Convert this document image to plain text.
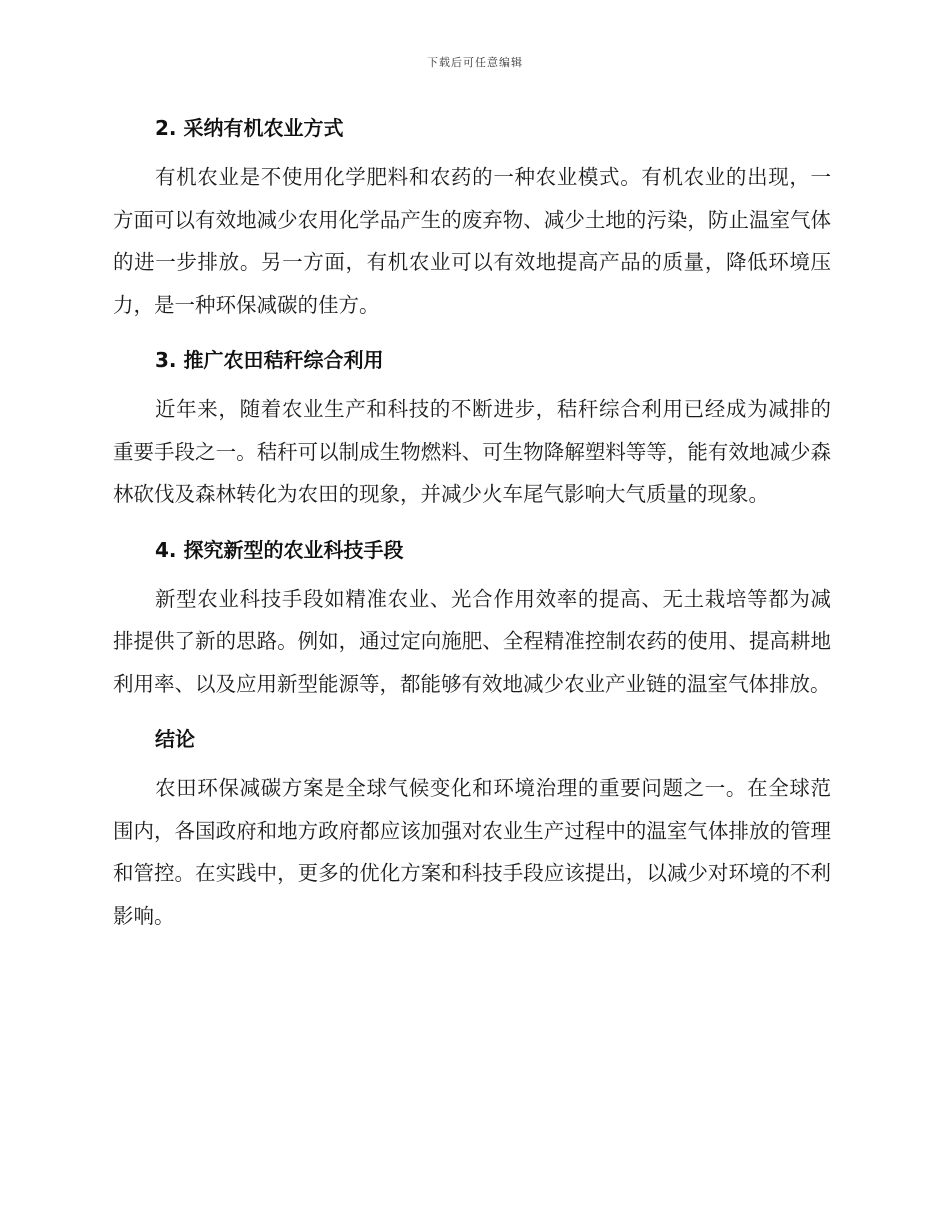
下载后可任意编辑
2. 采纳有机农业方式

有机农业是不使用化学肥料和农药的一种农业模式。有机农业的出现，一方面可以有效地减少农用化学品产生的废弃物、减少土地的污染，防止温室气体的进一步排放。另一方面，有机农业可以有效地提高产品的质量，降低环境压力，是一种环保减碳的佳方。

3. 推广农田秸秆综合利用

近年来，随着农业生产和科技的不断进步，秸秆综合利用已经成为减排的重要手段之一。秸秆可以制成生物燃料、可生物降解塑料等等，能有效地减少森林砍伐及森林转化为农田的现象，并减少火车尾气影响大气质量的现象。

4. 探究新型的农业科技手段

新型农业科技手段如精准农业、光合作用效率的提高、无土栽培等都为减排提供了新的思路。例如，通过定向施肥、全程精准控制农药的使用、提高耕地利用率、以及应用新型能源等，都能够有效地减少农业产业链的温室气体排放。

结论

农田环保减碳方案是全球气候变化和环境治理的重要问题之一。在全球范围内，各国政府和地方政府都应该加强对农业生产过程中的温室气体排放的管理和管控。在实践中，更多的优化方案和科技手段应该提出，以减少对环境的不利影响。
